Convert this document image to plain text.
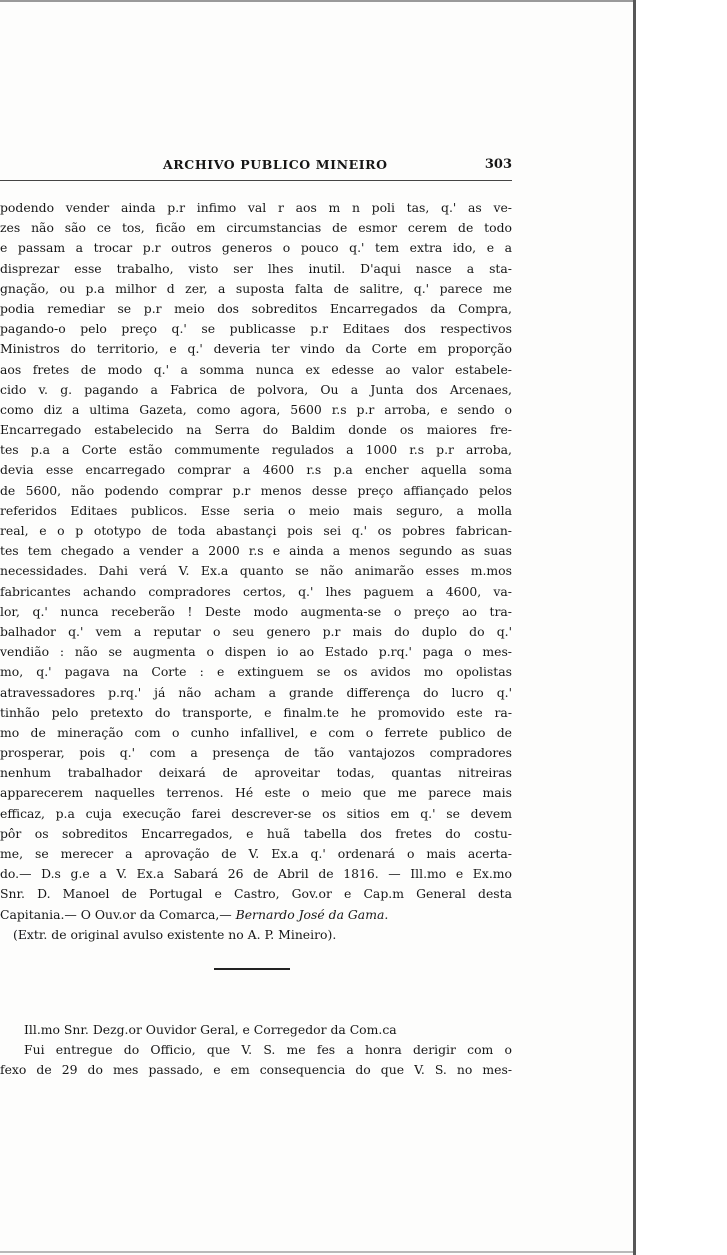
ARCHIVO PUBLICO MINEIRO	303
podendo vender ainda p.r infimo val r aos m n poli tas, q.' as ve-
zes não são ce tos, ficão em circumstancias de esmor cerem de todo
e passam a trocar p.r outros generos o pouco q.' tem extra ido, e a
disprezar esse trabalho, visto ser lhes inutil. D'aqui nasce a sta-
gnação, ou p.a milhor d zer, a suposta falta de salitre, q.' parece me
podia remediar se p.r meio dos sobreditos Encarregados da Compra,
pagando-o pelo preço q.' se publicasse p.r Editaes dos respectivos
Ministros do territorio, e q.' deveria ter vindo da Corte em proporção
aos fretes de modo q.' a somma nunca ex edesse ao valor estabele-
cido v. g. pagando a Fabrica de polvora, Ou a Junta dos Arcenaes,
como diz a ultima Gazeta, como agora, 5600 r.s p.r arroba, e sendo o
Encarregado estabelecido na Serra do Baldim donde os maiores fre-
tes p.a a Corte estão commumente regulados a 1000 r.s p.r arroba,
devia esse encarregado comprar a 4600 r.s p.a encher aquella soma
de 5600, não podendo comprar p.r menos desse preço affiançado pelos
referidos Editaes publicos. Esse seria o meio mais seguro, a molla
real, e o p ototypo de toda abastançi pois sei q.' os pobres fabrican-
tes tem chegado a vender a 2000 r.s e ainda a menos segundo as suas
necessidades. Dahi verá V. Ex.a quanto se não animarão esses m.mos
fabricantes achando compradores certos, q.' lhes paguem a 4600, va-
lor, q.' nunca receberão ! Deste modo augmenta-se o preço ao tra-
balhador q.' vem a reputar o seu genero p.r mais do duplo do q.'
vendião : não se augmenta o dispen io ao Estado p.rq.' paga o mes-
mo, q.' pagava na Corte : e extinguem se os avidos mo opolistas
atravessadores p.rq.' já não acham a grande differença do lucro q.'
tinhão pelo pretexto do transporte, e finalm.te he promovido este ra-
mo de mineração com o cunho infallivel, e com o ferrete publico de
prosperar, pois q.' com a presença de tão vantajozos compradores
nenhum trabalhador deixará de aproveitar todas, quantas nitreiras
apparecerem naquelles terrenos. Hé este o meio que me parece mais
efficaz, p.a cuja execução farei descrever-se os sitios em q.' se devem
pôr os sobreditos Encarregados, e huã tabella dos fretes do costu-
me, se merecer a aprovação de V. Ex.a q.' ordenará o mais acerta-
do.— D.s g.e a V. Ex.a Sabará 26 de Abril de 1816. — Ill.mo e Ex.mo
Snr. D. Manoel de Portugal e Castro, Gov.or e Cap.m General desta
Capitania.— O Ouv.or da Comarca,— Bernardo José da Gama.
(Extr. de original avulso existente no A. P. Mineiro).
Ill.mo Snr. Dezg.or Ouvidor Geral, e Corregedor da Com.ca
Fui entregue do Officio, que V. S. me fes a honra derigir com o
fexo de 29 do mes passado, e em consequencia do que V. S. no mes-
